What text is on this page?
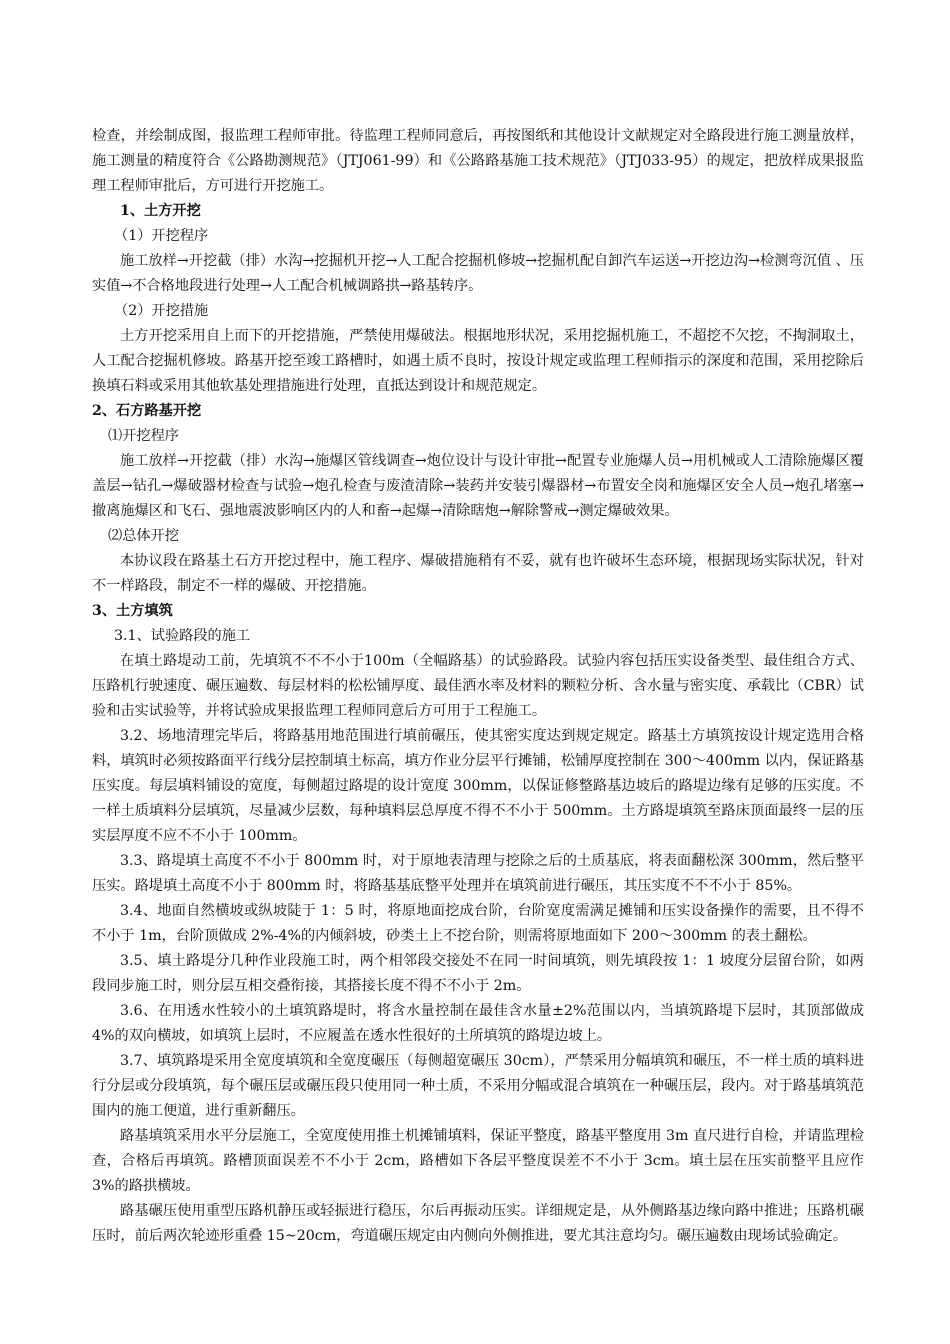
检查，并绘制成图，报监理工程师审批。待监理工程师同意后，再按图纸和其他设计文献规定对全路段进行施工测量放样，施工测量的精度符合《公路勘测规范》（JTJ061-99）和《公路路基施工技术规范》（JTJ033-95）的规定，把放样成果报监理工程师审批后，方可进行开挖施工。

1、土方开挖

（1）开挖程序

施工放样→开挖截（排）水沟→挖掘机开挖→人工配合挖掘机修坡→挖掘机配自卸汽车运送→开挖边沟→检测弯沉值 、压实值→不合格地段进行处理→人工配合机械调路拱→路基转序。

（2）开挖措施

土方开挖采用自上而下的开挖措施，严禁使用爆破法。根据地形状况，采用挖掘机施工，不超挖不欠挖，不掏洞取土，人工配合挖掘机修坡。路基开挖至竣工路槽时，如遇土质不良时，按设计规定或监理工程师指示的深度和范围，采用挖除后换填石料或采用其他软基处理措施进行处理，直抵达到设计和规范规定。

2、石方路基开挖

⑴开挖程序

施工放样→开挖截（排）水沟→施爆区管线调查→炮位设计与设计审批→配置专业施爆人员→用机械或人工清除施爆区覆盖层→钻孔→爆破器材检查与试验→炮孔检查与废渣清除→装药并安装引爆器材→布置安全岗和施爆区安全人员→炮孔堵塞→撤离施爆区和飞石、强地震波影响区内的人和畜→起爆→清除瞎炮→解除警戒→测定爆破效果。

⑵总体开挖

本协议段在路基土石方开挖过程中，施工程序、爆破措施稍有不妥，就有也许破坏生态环境，根据现场实际状况，针对不一样路段，制定不一样的爆破、开挖措施。

3、土方填筑

3.1、试验路段的施工

在填土路堤动工前，先填筑不不不小于100m（全幅路基）的试验路段。试验内容包括压实设备类型、最佳组合方式、压路机行驶速度、碾压遍数、每层材料的松松铺厚度、最佳洒水率及材料的颗粒分析、含水量与密实度、承载比（CBR）试验和击实试验等，并将试验成果报监理工程师同意后方可用于工程施工。

3.2、场地清理完毕后，将路基用地范围进行填前碾压，使其密实度达到规定规定。路基土方填筑按设计规定选用合格料，填筑时必须按路面平行线分层控制填土标高，填方作业分层平行摊铺，松铺厚度控制在 300～400mm 以内，保证路基压实度。每层填料铺设的宽度，每侧超过路堤的设计宽度 300mm，以保证修整路基边坡后的路堤边缘有足够的压实度。不一样土质填料分层填筑，尽量减少层数，每种填料层总厚度不得不不小于 500mm。土方路堤填筑至路床顶面最终一层的压实层厚度不应不不小于 100mm。

3.3、路堤填土高度不不小于 800mm 时，对于原地表清理与挖除之后的土质基底，将表面翻松深 300mm，然后整平压实。路堤填土高度不小于 800mm 时，将路基基底整平处理并在填筑前进行碾压，其压实度不不不小于 85%。

3.4、地面自然横坡或纵坡陡于 1：5 时，将原地面挖成台阶，台阶宽度需满足摊铺和压实设备操作的需要，且不得不不小于 1m，台阶顶做成 2%-4%的内倾斜坡，砂类土上不挖台阶，则需将原地面如下 200～300mm 的表土翻松。

3.5、填土路堤分几种作业段施工时，两个相邻段交接处不在同一时间填筑，则先填段按 1：1 坡度分层留台阶，如两段同步施工时，则分层互相交叠衔接，其搭接长度不得不不小于 2m。

3.6、在用透水性较小的土填筑路堤时，将含水量控制在最佳含水量±2%范围以内，当填筑路堤下层时，其顶部做成 4%的双向横坡，如填筑上层时，不应履盖在透水性很好的土所填筑的路堤边坡上。

3.7、填筑路堤采用全宽度填筑和全宽度碾压（每侧超宽碾压 30cm），严禁采用分幅填筑和碾压，不一样土质的填料进行分层或分段填筑，每个碾压层或碾压段只使用同一种土质，不采用分幅或混合填筑在一种碾压层，段内。对于路基填筑范围内的施工便道，进行重新翻压。

路基填筑采用水平分层施工，全宽度使用推土机摊铺填料，保证平整度，路基平整度用 3m 直尺进行自检，并请监理检查，合格后再填筑。路槽顶面误差不不小于 2cm，路槽如下各层平整度误差不不小于 3cm。填土层在压实前整平且应作 3%的路拱横坡。

路基碾压使用重型压路机静压或轻振进行稳压，尔后再振动压实。详细规定是，从外侧路基边缘向路中推进；压路机碾压时，前后两次轮迹形重叠 15~20cm，弯道碾压规定由内侧向外侧推进，要尤其注意均匀。碾压遍数由现场试验确定。
